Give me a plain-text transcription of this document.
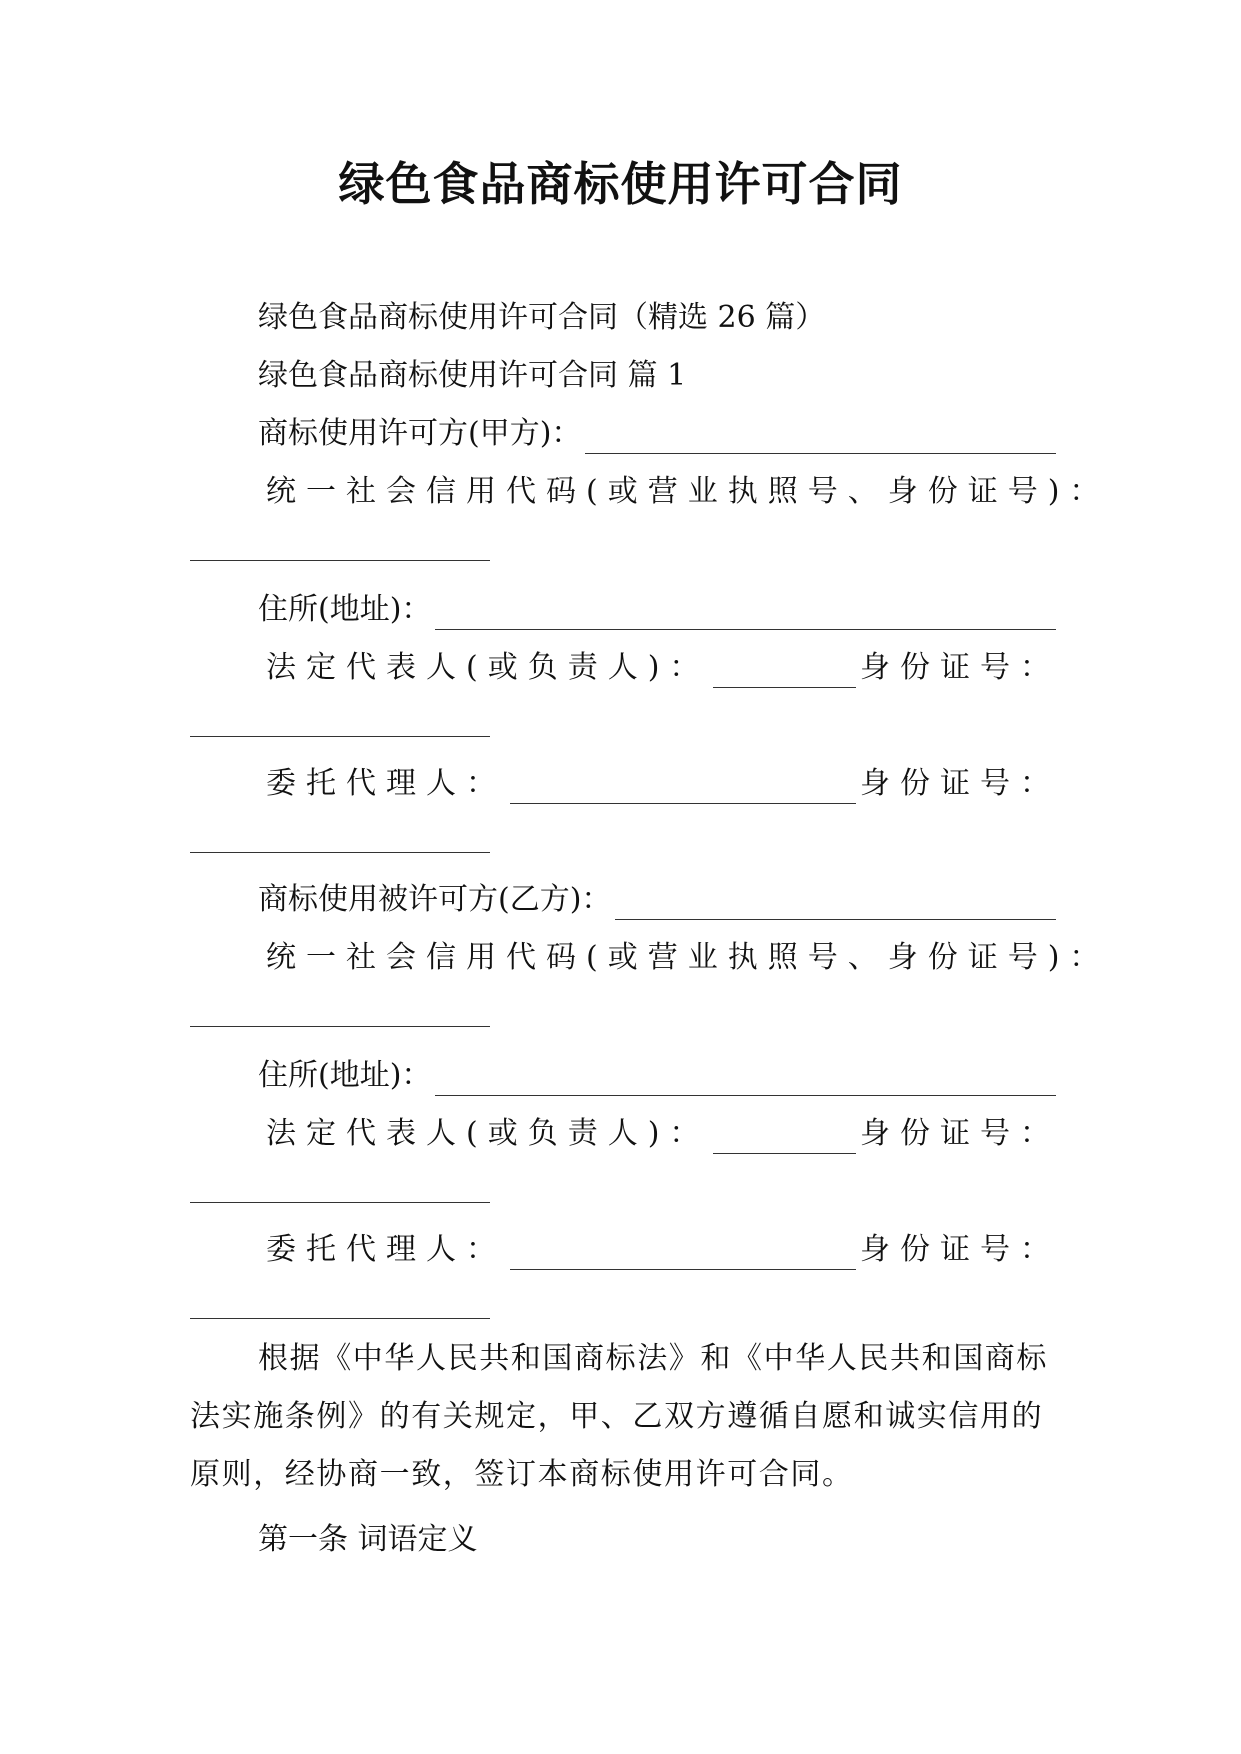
绿色食品商标使用许可合同
绿色食品商标使用许可合同（精选 26 篇）
绿色食品商标使用许可合同 篇 1
商标使用许可方(甲方)：
统一社会信用代码(或营业执照号、身份证号)：
住所(地址)：
法定代表人(或负责人)：	身份证号：
委托代理人：	身份证号：
商标使用被许可方(乙方)：
统一社会信用代码(或营业执照号、身份证号)：
住所(地址)：
法定代表人(或负责人)：	身份证号：
委托代理人：	身份证号：

根据《中华人民共和国商标法》和《中华人民共和国商标法实施条例》的有关规定，甲、乙双方遵循自愿和诚实信用的原则，经协商一致，签订本商标使用许可合同。

第一条 词语定义
